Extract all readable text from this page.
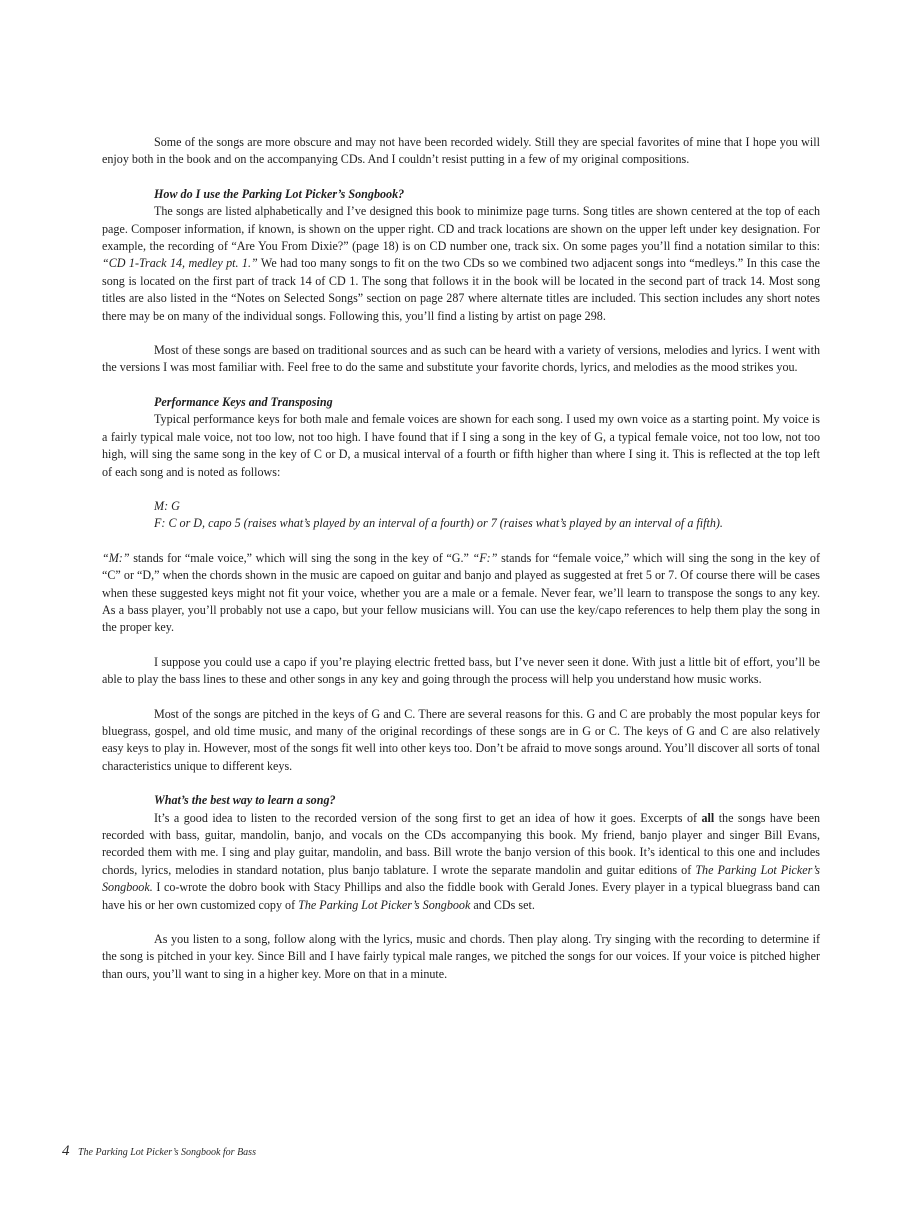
Some of the songs are more obscure and may not have been recorded widely. Still they are special favorites of mine that I hope you will enjoy both in the book and on the accompanying CDs. And I couldn’t resist putting in a few of my original compositions.

How do I use the Parking Lot Picker’s Songbook?

The songs are listed alphabetically and I’ve designed this book to minimize page turns. Song titles are shown centered at the top of each page. Composer information, if known, is shown on the upper right. CD and track locations are shown on the upper left under key designation. For example, the recording of “Are You From Dixie?” (page 18) is on CD number one, track six. On some pages you’ll find a notation similar to this: “CD 1-Track 14, medley pt. 1.” We had too many songs to fit on the two CDs so we combined two adjacent songs into “medleys.” In this case the song is located on the first part of track 14 of CD 1. The song that follows it in the book will be located in the second part of track 14. Most song titles are also listed in the “Notes on Selected Songs” section on page 287 where alternate titles are included. This section includes any short notes there may be on many of the individual songs. Following this, you’ll find a listing by artist on page 298.

Most of these songs are based on traditional sources and as such can be heard with a variety of versions, melodies and lyrics. I went with the versions I was most familiar with. Feel free to do the same and substitute your favorite chords, lyrics, and melodies as the mood strikes you.

Performance Keys and Transposing

Typical performance keys for both male and female voices are shown for each song. I used my own voice as a starting point. My voice is a fairly typical male voice, not too low, not too high. I have found that if I sing a song in the key of G, a typical female voice, not too low, not too high, will sing the same song in the key of C or D, a musical interval of a fourth or fifth higher than where I sing it. This is reflected at the top left of each song and is noted as follows:

M: G

F: C or D, capo 5 (raises what’s played by an interval of a fourth) or 7 (raises what’s played by an interval of a fifth).

“M:” stands for “male voice,” which will sing the song in the key of “G.” “F:” stands for “female voice,” which will sing the song in the key of “C” or “D,” when the chords shown in the music are capoed on guitar and banjo and played as suggested at fret 5 or 7. Of course there will be cases when these suggested keys might not fit your voice, whether you are a male or a female. Never fear, we’ll learn to transpose the songs to any key. As a bass player, you’ll probably not use a capo, but your fellow musicians will. You can use the key/capo references to help them play the song in the proper key.

I suppose you could use a capo if you’re playing electric fretted bass, but I’ve never seen it done. With just a little bit of effort, you’ll be able to play the bass lines to these and other songs in any key and going through the process will help you understand how music works.

Most of the songs are pitched in the keys of G and C. There are several reasons for this. G and C are probably the most popular keys for bluegrass, gospel, and old time music, and many of the original recordings of these songs are in G or C. The keys of G and C are also relatively easy keys to play in. However, most of the songs fit well into other keys too. Don’t be afraid to move songs around. You’ll discover all sorts of tonal characteristics unique to different keys.

What’s the best way to learn a song?

It’s a good idea to listen to the recorded version of the song first to get an idea of how it goes. Excerpts of all the songs have been recorded with bass, guitar, mandolin, banjo, and vocals on the CDs accompanying this book. My friend, banjo player and singer Bill Evans, recorded them with me. I sing and play guitar, mandolin, and bass. Bill wrote the banjo version of this book. It’s identical to this one and includes chords, lyrics, melodies in standard notation, plus banjo tablature. I wrote the separate mandolin and guitar editions of The Parking Lot Picker’s Songbook. I co-wrote the dobro book with Stacy Phillips and also the fiddle book with Gerald Jones. Every player in a typical bluegrass band can have his or her own customized copy of The Parking Lot Picker’s Songbook and CDs set.

As you listen to a song, follow along with the lyrics, music and chords. Then play along. Try singing with the recording to determine if the song is pitched in your key. Since Bill and I have fairly typical male ranges, we pitched the songs for our voices. If your voice is pitched higher than ours, you’ll want to sing in a higher key. More on that in a minute.

4 The Parking Lot Picker’s Songbook for Bass
